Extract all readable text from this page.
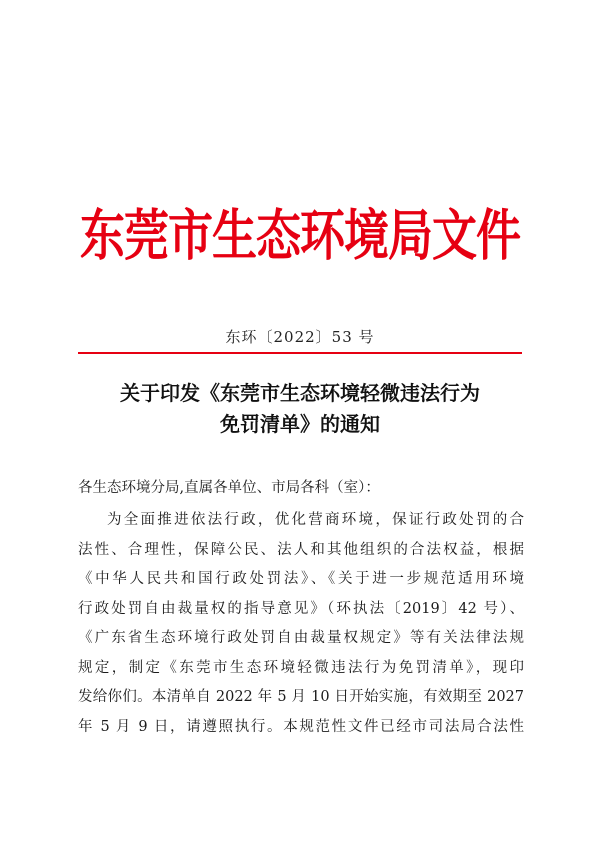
东莞市生态环境局文件
东环〔2022〕53 号
关于印发《东莞市生态环境轻微违法行为
免罚清单》的通知
各生态环境分局,直属各单位、市局各科（室）：
为全面推进依法行政，优化营商环境，保证行政处罚的合
法性、合理性，保障公民、法人和其他组织的合法权益，根据
《中华人民共和国行政处罚法》、《关于进一步规范适用环境
行政处罚自由裁量权的指导意见》（环执法〔2019〕42 号）、
《广东省生态环境行政处罚自由裁量权规定》等有关法律法规
规定，制定《东莞市生态环境轻微违法行为免罚清单》，现印
发给你们。本清单自 2022 年 5 月 10 日开始实施，有效期至 2027
年 5 月 9 日，请遵照执行。本规范性文件已经市司法局合法性
